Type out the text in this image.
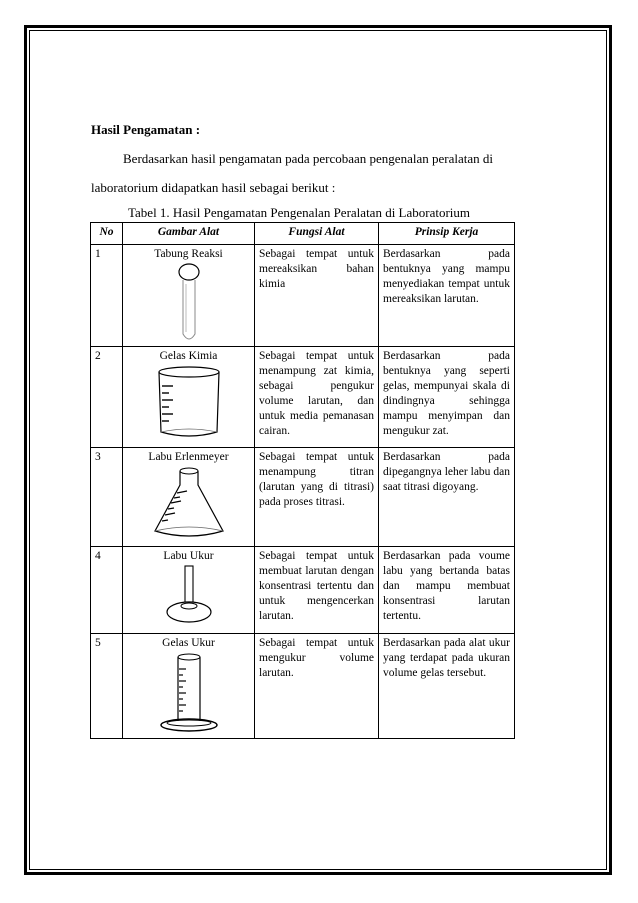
Hasil Pengamatan :
Berdasarkan hasil pengamatan pada percobaan pengenalan peralatan di
laboratorium didapatkan hasil sebagai berikut :
Tabel 1. Hasil Pengamatan Pengenalan Peralatan di Laboratorium
No	Gambar Alat	Fungsi Alat	Prinsip Kerja
1	Tabung Reaksi	Sebagai tempat untuk mereaksikan bahan kimia	Berdasarkan pada bentuknya yang mampu menyediakan tempat untuk mereaksikan larutan.
2	Gelas Kimia	Sebagai tempat untuk menampung zat kimia, sebagai pengukur volume larutan, dan untuk media pemanasan cairan.	Berdasarkan pada bentuknya yang seperti gelas, mempunyai skala di dindingnya sehingga mampu menyimpan dan mengukur zat.
3	Labu Erlenmeyer	Sebagai tempat untuk menampung titran (larutan yang di titrasi) pada proses titrasi.	Berdasarkan pada dipegangnya leher labu dan saat titrasi digoyang.
4	Labu Ukur	Sebagai tempat untuk membuat larutan dengan konsentrasi tertentu dan untuk mengencerkan larutan.	Berdasarkan pada voume labu yang bertanda batas dan mampu membuat konsentrasi larutan tertentu.
5	Gelas Ukur	Sebagai tempat untuk mengukur volume larutan.	Berdasarkan pada alat ukur yang terdapat pada ukuran volume gelas tersebut.
